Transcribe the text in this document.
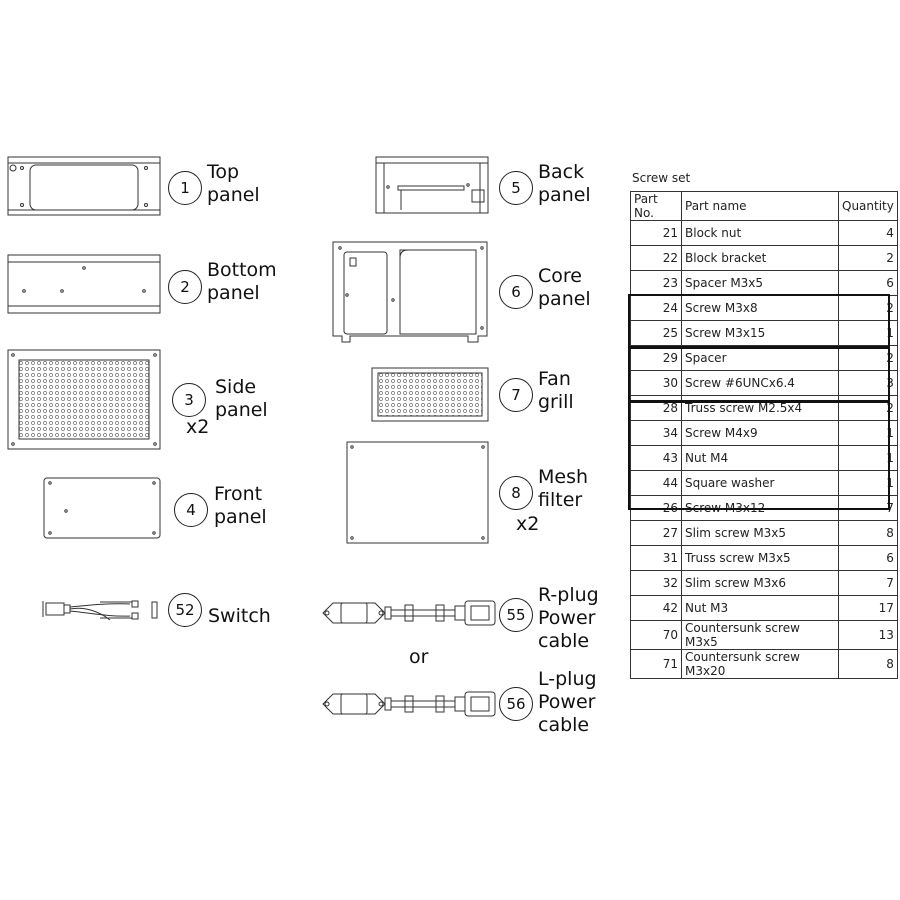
1
Top
panel
2
Bottom
panel
3
Side
panel
x2
4
Front
panel
52 Switch
5
Back
panel
6
Core
panel
7
Fan
grill
8
Mesh
filter
x2
55
R-plug
Power
cable
or
56
L-plug
Power
cable
Screw set
Part No.	Part name	Quantity
21	Block nut	4
22	Block bracket	2
23	Spacer M3x5	6
24	Screw M3x8	2
25	Screw M3x15	1
29	Spacer	2
30	Screw #6UNCx6.4	3
28	Truss screw M2.5x4	2
34	Screw M4x9	1
43	Nut M4	1
44	Square washer	1
26	Screw M3x12	7
27	Slim screw M3x5	8
31	Truss screw M3x5	6
32	Slim screw M3x6	7
42	Nut M3	17
70	Countersunk screw M3x5	13
71	Countersunk screw M3x20	8
